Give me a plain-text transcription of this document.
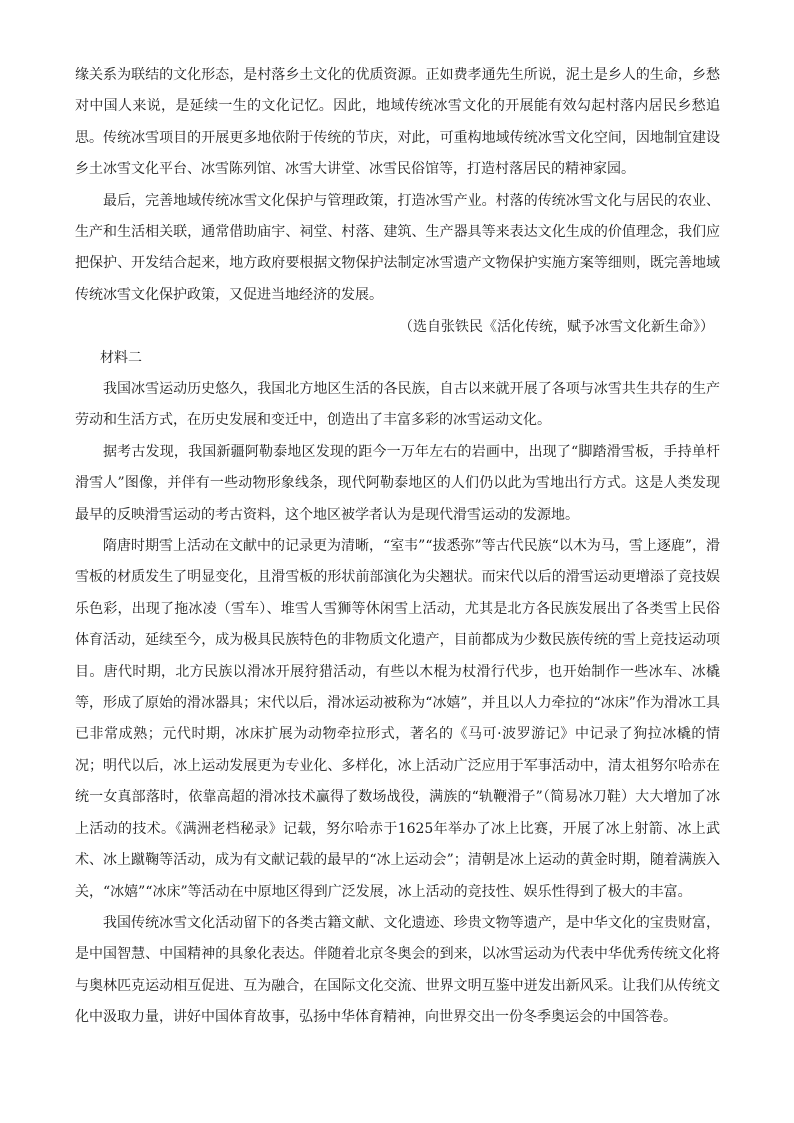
缘关系为联结的文化形态，是村落乡土文化的优质资源。正如费孝通先生所说，泥土是乡人的生命，乡愁对中国人来说，是延续一生的文化记忆。因此，地域传统冰雪文化的开展能有效勾起村落内居民乡愁追思。传统冰雪项目的开展更多地依附于传统的节庆，对此，可重构地域传统冰雪文化空间，因地制宜建设乡土冰雪文化平台、冰雪陈列馆、冰雪大讲堂、冰雪民俗馆等，打造村落居民的精神家园。

最后，完善地域传统冰雪文化保护与管理政策，打造冰雪产业。村落的传统冰雪文化与居民的农业、生产和生活相关联，通常借助庙宇、祠堂、村落、建筑、生产器具等来表达文化生成的价值理念，我们应把保护、开发结合起来，地方政府要根据文物保护法制定冰雪遗产文物保护实施方案等细则，既完善地域传统冰雪文化保护政策，又促进当地经济的发展。

（选自张铁民《活化传统，赋予冰雪文化新生命》）
材料二

我国冰雪运动历史悠久，我国北方地区生活的各民族，自古以来就开展了各项与冰雪共生共存的生产劳动和生活方式，在历史发展和变迁中，创造出了丰富多彩的冰雪运动文化。

据考古发现，我国新疆阿勒泰地区发现的距今一万年左右的岩画中，出现了“脚踏滑雪板，手持单杆滑雪人”图像，并伴有一些动物形象线条，现代阿勒泰地区的人们仍以此为雪地出行方式。这是人类发现最早的反映滑雪运动的考古资料，这个地区被学者认为是现代滑雪运动的发源地。

隋唐时期雪上活动在文献中的记录更为清晰，“室韦”“拔悉弥”等古代民族“以木为马，雪上逐鹿”，滑雪板的材质发生了明显变化，且滑雪板的形状前部演化为尖翘状。而宋代以后的滑雪运动更增添了竞技娱乐色彩，出现了拖冰凌（雪车）、堆雪人雪狮等休闲雪上活动，尤其是北方各民族发展出了各类雪上民俗体育活动，延续至今，成为极具民族特色的非物质文化遗产，目前都成为少数民族传统的雪上竞技运动项目。唐代时期，北方民族以滑冰开展狩猎活动，有些以木棍为杖滑行代步，也开始制作一些冰车、冰橇等，形成了原始的滑冰器具；宋代以后，滑冰运动被称为“冰嬉”，并且以人力牵拉的“冰床”作为滑冰工具已非常成熟；元代时期，冰床扩展为动物牵拉形式，著名的《马可·波罗游记》中记录了狗拉冰橇的情况；明代以后，冰上运动发展更为专业化、多样化，冰上活动广泛应用于军事活动中，清太祖努尔哈赤在统一女真部落时，依靠高超的滑冰技术赢得了数场战役，满族的“轨鞭滑子”（简易冰刀鞋）大大增加了冰上活动的技术。《满洲老档秘录》记载，努尔哈赤于1625年举办了冰上比赛，开展了冰上射箭、冰上武术、冰上蹴鞠等活动，成为有文献记载的最早的“冰上运动会”；清朝是冰上运动的黄金时期，随着满族入关，“冰嬉”“冰床”等活动在中原地区得到广泛发展，冰上活动的竞技性、娱乐性得到了极大的丰富。

我国传统冰雪文化活动留下的各类古籍文献、文化遗迹、珍贵文物等遗产，是中华文化的宝贵财富，是中国智慧、中国精神的具象化表达。伴随着北京冬奥会的到来，以冰雪运动为代表中华优秀传统文化将与奥林匹克运动相互促进、互为融合，在国际文化交流、世界文明互鉴中迸发出新风采。让我们从传统文化中汲取力量，讲好中国体育故事，弘扬中华体育精神，向世界交出一份冬季奥运会的中国答卷。
